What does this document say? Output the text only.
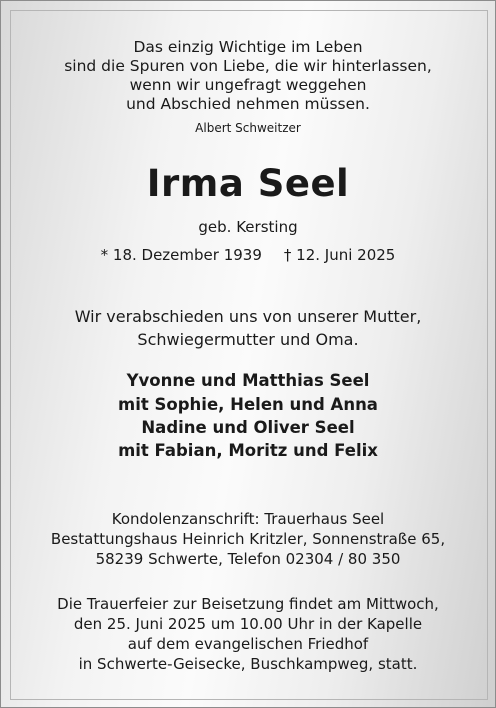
Das einzig Wichtige im Leben

sind die Spuren von Liebe, die wir hinterlassen,

wenn wir ungefragt weggehen

und Abschied nehmen müssen.

Albert Schweitzer

Irma Seel

geb. Kersting

* 18. Dezember 1939 † 12. Juni 2025

Wir verabschieden uns von unserer Mutter,

Schwiegermutter und Oma.

Yvonne und Matthias Seel

mit Sophie, Helen und Anna

Nadine und Oliver Seel

mit Fabian, Moritz und Felix

Kondolenzanschrift: Trauerhaus Seel

Bestattungshaus Heinrich Kritzler, Sonnenstraße 65,

58239 Schwerte, Telefon 02304 / 80 350

Die Trauerfeier zur Beisetzung findet am Mittwoch,

den 25. Juni 2025 um 10.00 Uhr in der Kapelle

auf dem evangelischen Friedhof

in Schwerte-Geisecke, Buschkampweg, statt.
